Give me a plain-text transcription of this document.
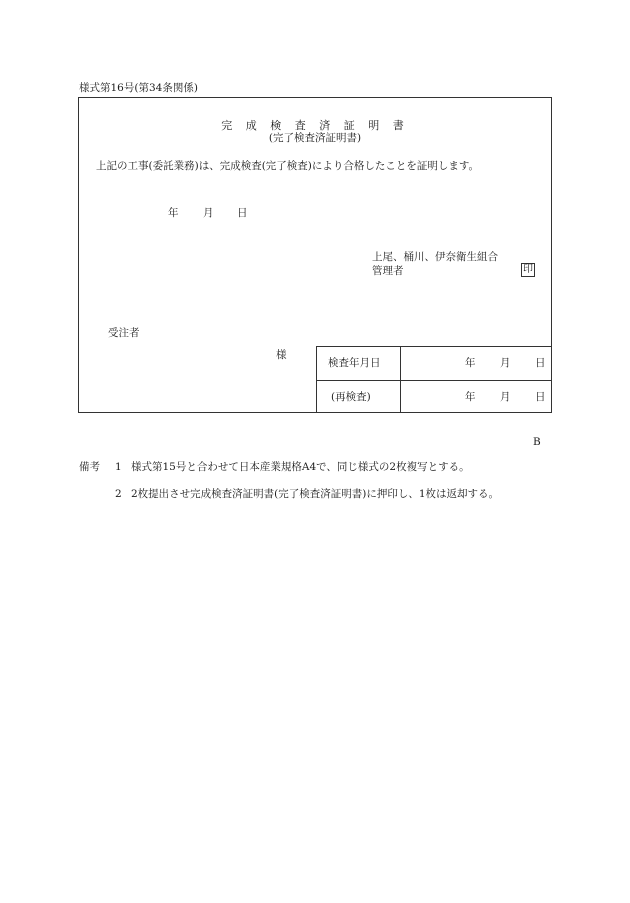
様式第16号(第34条関係)
完 成 検 査 済 証 明 書
(完了検査済証明書)
上記の工事(委託業務)は、完成検査(完了検査)により合格したことを証明します。
年 月 日
上尾、桶川、伊奈衛生組合
管理者	印
受注者
様
検査年月日	年 月 日
(再検査)	年 月 日
B
備考 1 様式第15号と合わせて日本産業規格A4で、同じ様式の2枚複写とする。
2 2枚提出させ完成検査済証明書(完了検査済証明書)に押印し、1枚は返却する。
